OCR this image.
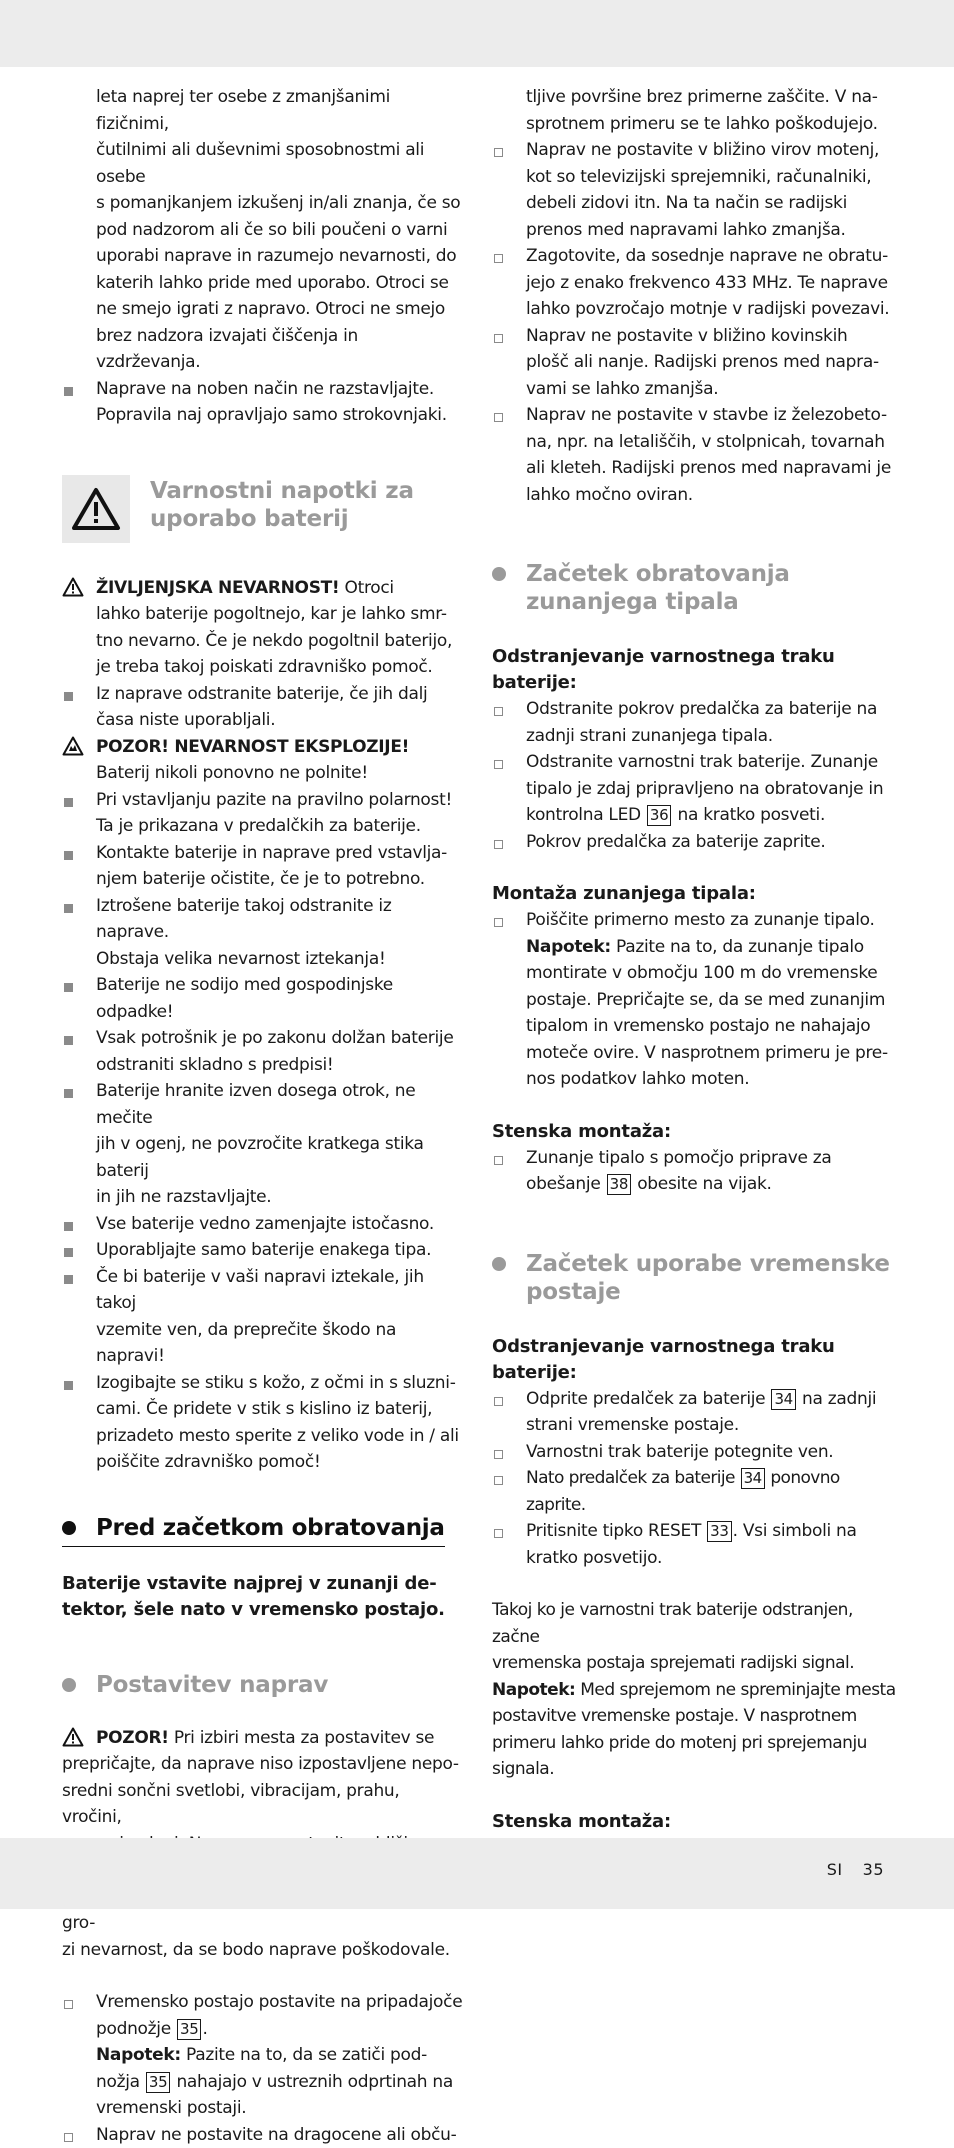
leta naprej ter osebe z zmanjšanimi fizičnimi,

čutilnimi ali duševnimi sposobnostmi ali osebe

s pomanjkanjem izkušenj in/ali znanja, če so

pod nadzorom ali če so bili poučeni o varni

uporabi naprave in razumejo nevarnosti, do

katerih lahko pride med uporabo. Otroci se

ne smejo igrati z napravo. Otroci ne smejo

brez nadzora izvajati čiščenja in vzdrževanja.

Naprave na noben način ne razstavljajte.

Popravila naj opravljajo samo strokovnjaki.

Varnostni napotki za
uporabo baterij

ŽIVLJENJSKA NEVARNOST! Otroci

lahko baterije pogoltnejo, kar je lahko smr-

tno nevarno. Če je nekdo pogoltnil baterijo,

je treba takoj poiskati zdravniško pomoč.

Iz naprave odstranite baterije, če jih dalj

časa niste uporabljali.

POZOR! NEVARNOST EKSPLOZIJE!

Baterij nikoli ponovno ne polnite!

Pri vstavljanju pazite na pravilno polarnost!

Ta je prikazana v predalčkih za baterije.

Kontakte baterije in naprave pred vstavlja-

njem baterije očistite, če je to potrebno.

Iztrošene baterije takoj odstranite iz naprave.

Obstaja velika nevarnost iztekanja!

Baterije ne sodijo med gospodinjske odpadke!

Vsak potrošnik je po zakonu dolžan baterije

odstraniti skladno s predpisi!

Baterije hranite izven dosega otrok, ne mečite

jih v ogenj, ne povzročite kratkega stika baterij

in jih ne razstavljajte.

Vse baterije vedno zamenjajte istočasno.

Uporabljajte samo baterije enakega tipa.

Če bi baterije v vaši napravi iztekale, jih takoj

vzemite ven, da preprečite škodo na napravi!

Izogibajte se stiku s kožo, z očmi in s sluzni-

cami. Če pridete v stik s kislino iz baterij,

prizadeto mesto sperite z veliko vode in / ali

poiščite zdravniško pomoč!

Pred začetkom obratovanja

Baterije vstavite najprej v zunanji de-

tektor, šele nato v vremensko postajo.

Postavitev naprav

POZOR! Pri izbiri mesta za postavitev se

prepričajte, da naprave niso izpostavljene nepo-

sredni sončni svetlobi, vibracijam, prahu, vročini,

gro-

zi nevarnost, da se bodo naprave poškodovale.

Vremensko postajo postavite na pripadajoče

podnožje 35 .

Napotek: Pazite na to, da se zatiči pod-

nožja 35 nahajajo v ustreznih odprtinah na

vremenski postaji.

Naprav ne postavite na dragocene ali obču-

tljive površine brez primerne zaščite. V na-

sprotnem primeru se te lahko poškodujejo.

Naprav ne postavite v bližino virov motenj,

kot so televizijski sprejemniki, računalniki,

debeli zidovi itn. Na ta način se radijski

prenos med napravami lahko zmanjša.

Zagotovite, da sosednje naprave ne obratu-

jejo z enako frekvenco 433 MHz. Te naprave

lahko povzročajo motnje v radijski povezavi.

Naprav ne postavite v bližino kovinskih

plošč ali nanje. Radijski prenos med napra-

vami se lahko zmanjša.

Naprav ne postavite v stavbe iz železobeto-

na, npr. na letališčih, v stolpnicah, tovarnah

ali kleteh. Radijski prenos med napravami je

lahko močno oviran.

Začetek obratovanja
zunanjega tipala

Odstranjevanje varnostnega traku

baterije:

Odstranite pokrov predalčka za baterije na

zadnji strani zunanjega tipala.

Odstranite varnostni trak baterije. Zunanje

tipalo je zdaj pripravljeno na obratovanje in

kontrolna LED 36 na kratko posveti.

Pokrov predalčka za baterije zaprite.

Montaža zunanjega tipala:

Poiščite primerno mesto za zunanje tipalo.

Napotek: Pazite na to, da zunanje tipalo

montirate v območju 100 m do vremenske

postaje. Prepričajte se, da se med zunanjim

tipalom in vremensko postajo ne nahajajo

moteče ovire. V nasprotnem primeru je pre-

nos podatkov lahko moten.

Stenska montaža:

Zunanje tipalo s pomočjo priprave za

obešanje 38 obesite na vijak.

Začetek uporabe vremenske
postaje

Odstranjevanje varnostnega traku

baterije:

Odprite predalček za baterije 34 na zadnji

strani vremenske postaje.

Varnostni trak baterije potegnite ven.

Nato predalček za baterije 34 ponovno zaprite.

Pritisnite tipko RESET 33 . Vsi simboli na

kratko posvetijo.

Takoj ko je varnostni trak baterije odstranjen, začne

vremenska postaja sprejemati radijski signal.

Napotek: Med sprejemom ne spreminjajte mesta

postavitve vremenske postaje. V nasprotnem

primeru lahko pride do motenj pri sprejemanju

signala.

Stenska montaža:

SI 35
